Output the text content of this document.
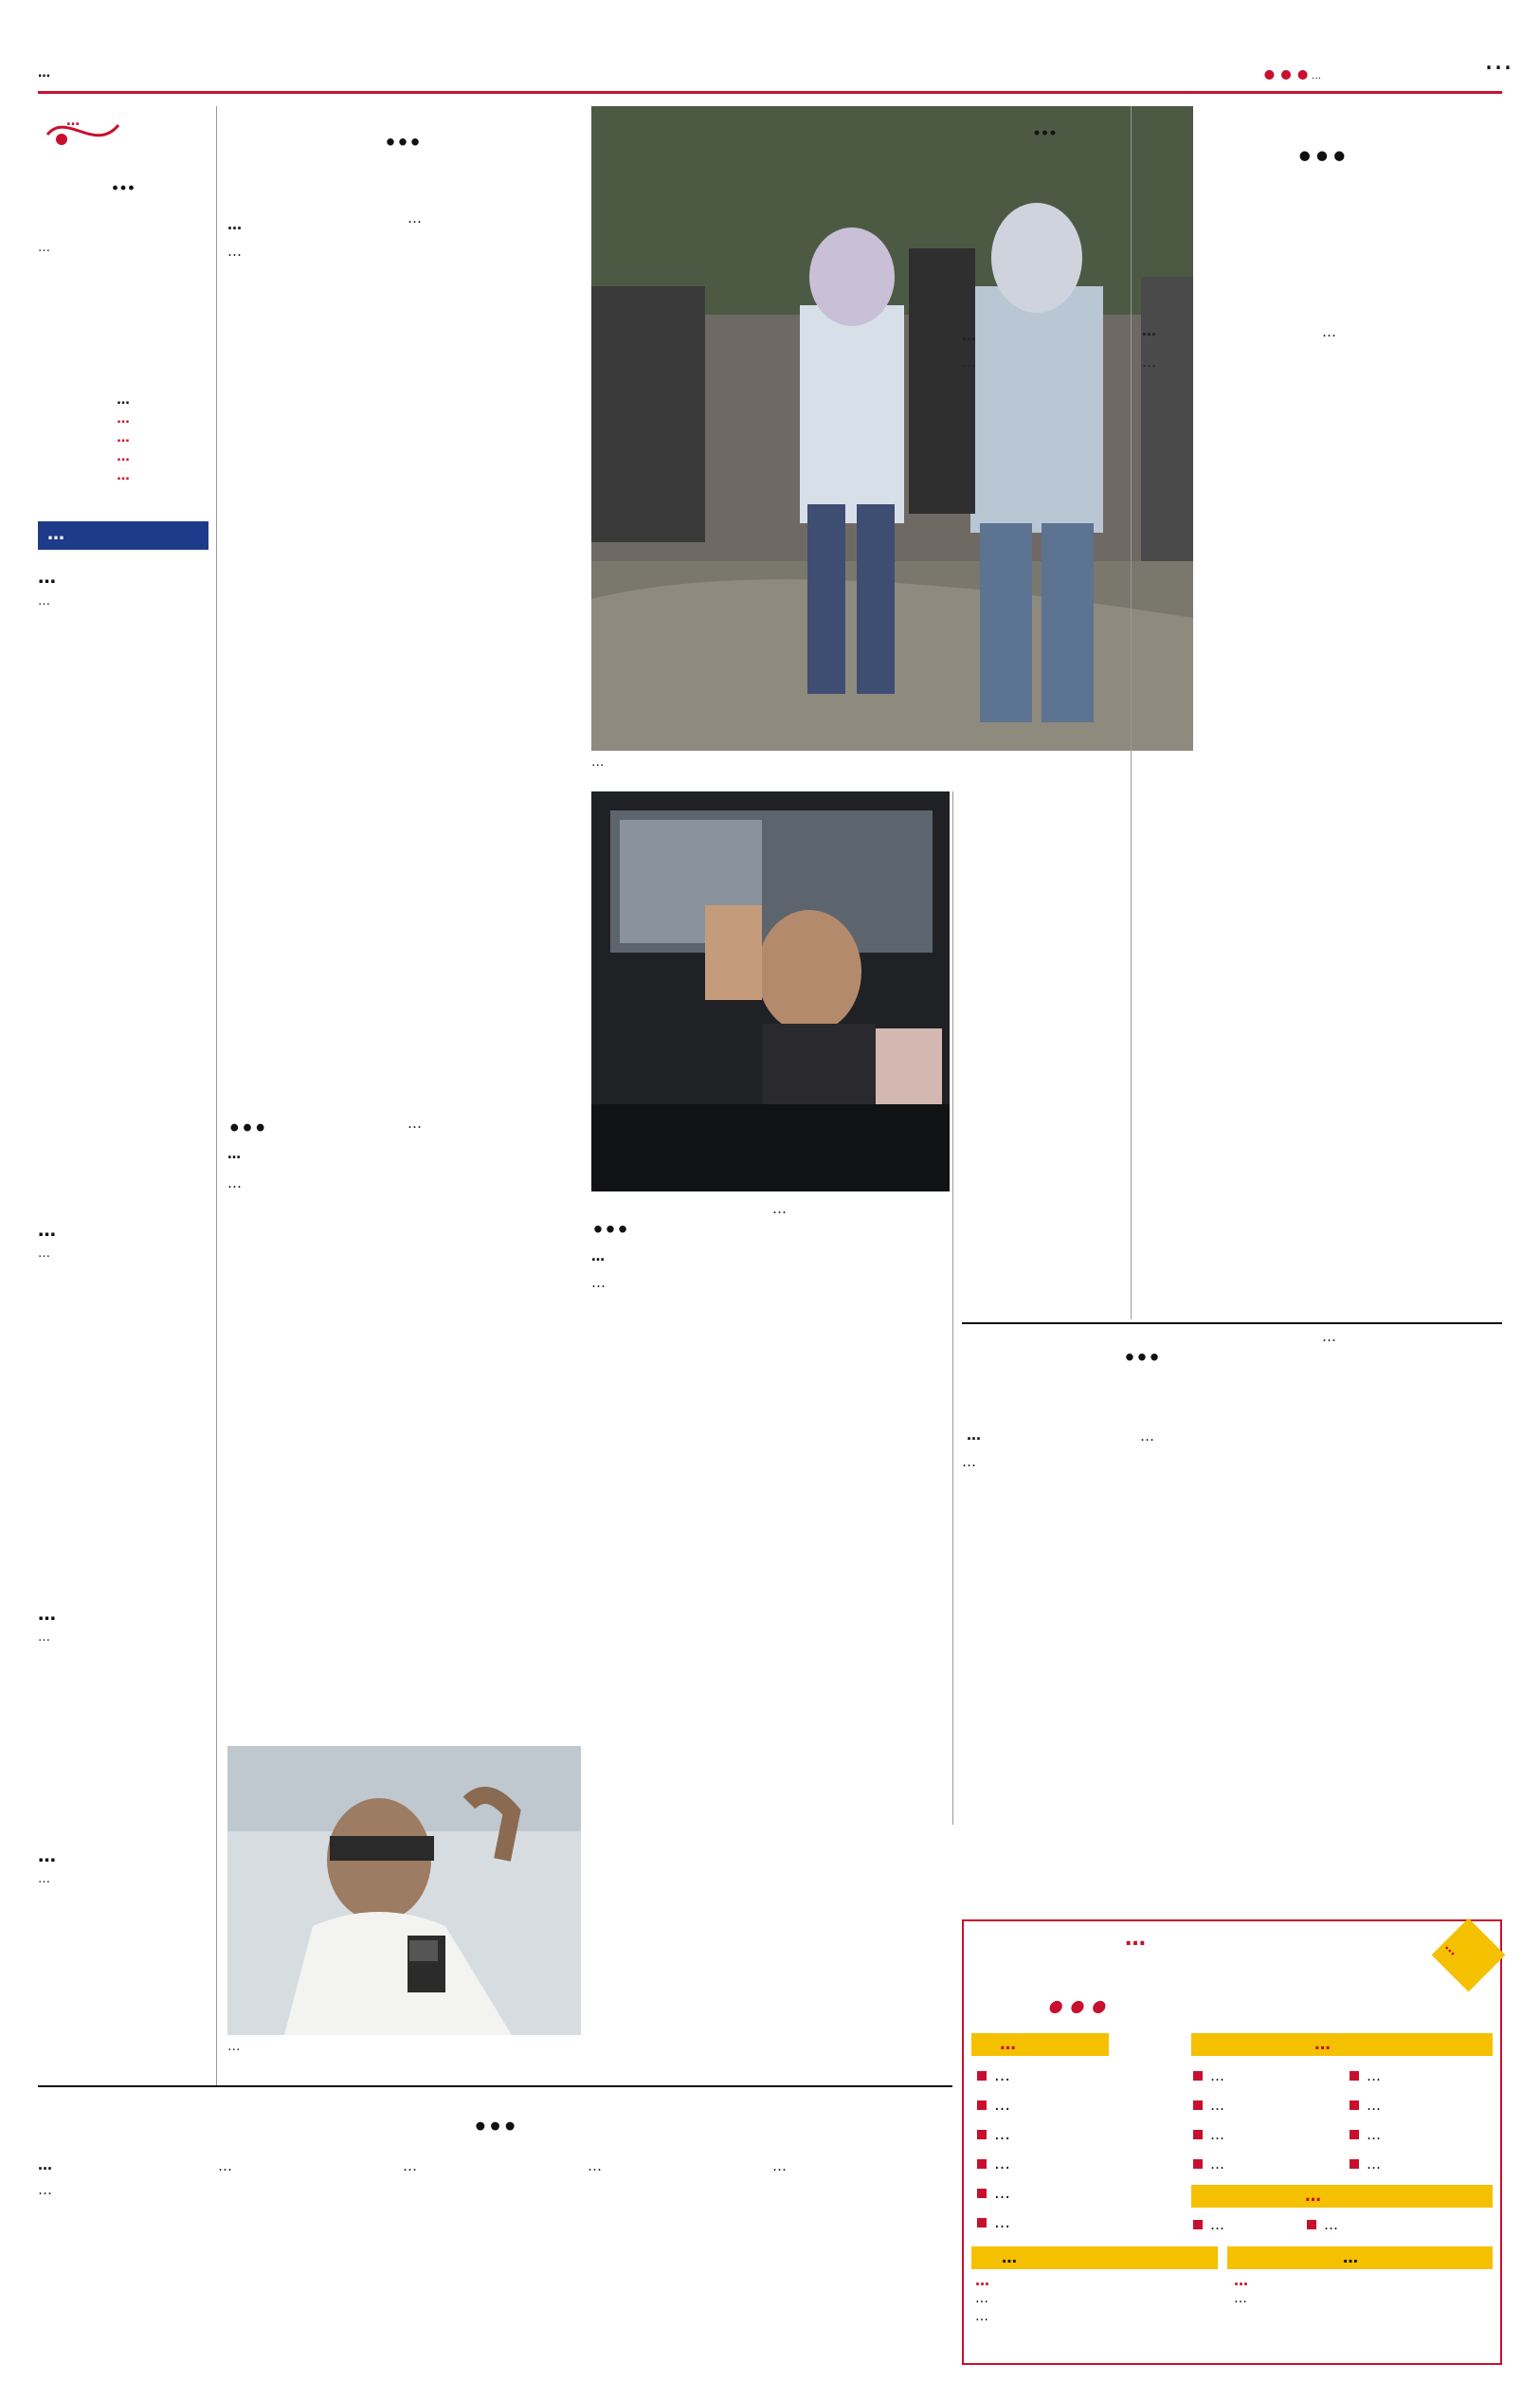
…	……	…
…
…
…
…
…
…
…
…
…
…
…
…
…
…
…
…
…
…
…
…
…
…
…
…
…
…
…
…
…
…
…
…
…
…
…
…
…
…
…
…
…
…
…
…
…
…
…
…
…
…
…
…
…
…
…
…
…
…
…
…
…
…
…
…	…
…
…
…
…
…
…
…
…
…
…
…	…	…	…
